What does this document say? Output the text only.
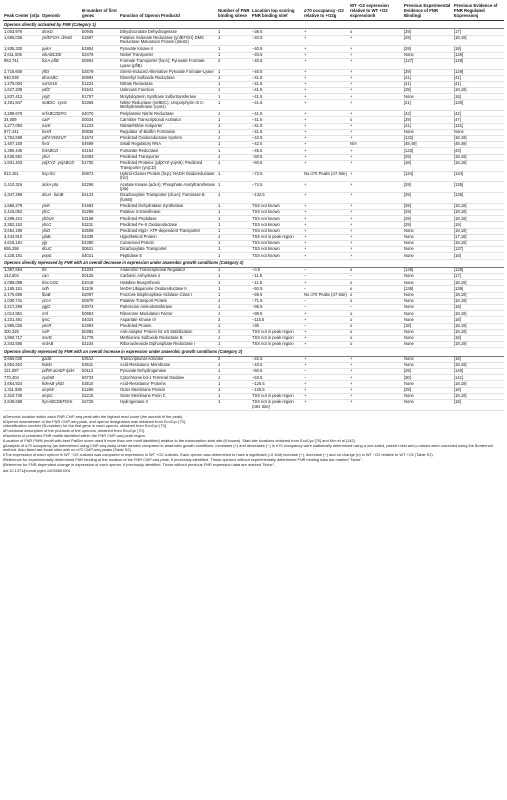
Peak Center (nt)a	Operonb	B-number of first genec	Function of Operon Productd	Number of FNR binding sitese	Location top scoring FNR binding sitef	σ70 occupancy -O2 relative to +O2g	WT -O2 expression relative to WT +O2 expressionh	Previous Experimental Evidence of FNR Bindingi	Previous Evidence of FNR Regulated Expressionj
Operons directly activated by FNR (Category 1)									
1,003,976	dmsD	b0945	Dihydroorotate Dehydrogenase	1	−38.5	+	o	[29]	[17]
1,656,036	ynfEFGH- dmsD	b1587	Putative Selenate Reductase (ynfEFGH) DMS Reductase Maturation Protein (dmsD)	1	−40.5	+	+	[29]	[18,19]
1,935,330	pykA	b1854	Pyruvate Kinase II	1	−40.5	+	+	[29]	[19]
3,611,605	nikABCDE	b3476	Nickel Transporter	1	−40.5	+	+	None	[126]
953,741	focA-pflB	b0904	Formate Transporter (focA); Pyruvate Formate-Lyase (pflB)	2	−40.5	+	+	[127]	[128]
2,716,605	yfiD	b2579	Stress-Induced Alternative Pyruvate Formate-Lyase	1	−40.5	+	+	[29]	[129]
940,035	dmsABC	b0894	Dimethyl Sulfoxide Reductase	1	−41.5	+	+	[41]	[41]
1,279,003	narGHJI	b1224	Nitrate Reductase	1	−41.5	+	+	[41]	[41]
1,627,208	ydfZ	b1541	Unknown Function	1	−41.5	+	+	[29]	[18,19]
1,837,412	ynjE	b1757	Molybdopterin Synthase Sulfurtransferase	1	−41.5	+	+	None	[18]
3,491,947	nirBDC- cysG	b3365	Nitrite Reductase (nirBDC); Uroporphyrin III C-Methyltransferase (cysG)	1	−41.5	+	+	[21]	[130]
4,289,679	nrfABCDEFG	b4070	Periplasmic Nitrite Reductase	1	−41.5	+	+	[42]	[42]
34,059	caiF	b0034	Carnitine Transcriptional Activator	1	−41.5	+	o	[29]	[47]
1,277,082	narK	b1223	Nitrate/Nitrite Antiporter	1	−41.5	+	+	[41]	[131]
877,441	bssR	b0836	Regulator of Biofilm Formation	1	−41.5	+	+	None	None
1,752,688	ydhYVWXUT	b1674	Predicted Oxidoreductase System	1	−42.5	+	+	[132]	[18,19]
1,407,150	fnrS	b4699	Small Regulatory RNA	1	−42.5	+	N/A	[48,49]	[48,49]
4,380,446	frdABCD	b4154	Fumarate Reductase	1	−45.5	+	+	[133]	[43]
3,635,591	yhiA	b3493	Predicted Transporter	1	−50.5	+	+	[29]	[18,19]
1,831,403	ydjXYZ- ynjABCD	b1750	Predicted Proteins (ydjXYZ-ynjAB); Predicted Transporter (ynjCD)	1	−60.5	+	+	[18]	[18,19]
913,151	hcp-hcr	b0873	Hybrid-Cluster Protein (hcp); NADH Oxidoreductase (hcr)	1	−72.5	No σ70 Peaks (σ7 Site)	+	[134]	[134]
2,410,316	ackA-pta	b2296	Acetate Kinase (ackA); Phosphate Acetyltransferase (pta)	1	−74.5	+	+	[29]	[135]
4,347,259	dcuA- fumB	b4123	Dicarboxylate Transporter (dcuA); Fumarase B (fumB)	1	−132.5	+	+	[29]	[136]
1,666,279	yniK	b1593	Predicted Dehydratase Synthetase	1	TSS not known	+	+	[29]	[18,19]
2,415,052	yfcC	b2298	Putative S-transferase	1	TSS not known	+	+	[29]	[18,19]
3,299,421	yhbUV	b3158	Predicted Peptidase	1	TSS not known	+	+	[29]	[18,19]
3,352,152	yhcC	b3211	Predicted Fe-S Oxidoreductase	1	TSS not known	+	+	[29]	[19]
3,654,199	yhiD	b3508	Predicted Mg2+ ATP-dependent Transporter	1	TSS not known	+	+	None	[18,19]
3,443,910	yjiML	b4335	Hypothetical Protein	1	TSS not in peak region	+	+	None	[17,18]
4,615,181	yjjI	b4380	Conserved Protein	1	TSS not known	+	+	None	[18,19]
655,298	dcuC	b0621	Dicarboxylate Transporter	1	TSS not known	+	+	None	[137]
4,228,181	pepE	b4021	Peptidase E	1	TSS not known	+	+	None	[18]
Operons directly repressed by FNR with an overall decrease in expression under anaerobic growth conditions (Category 2)									
1,397,654	fnr	b1334	Anaerobic Transcriptional Regulator	1	−0.5	−	o	[138]	[138]
142,604	can	b0126	Carbonic Anhydrase 2	1	−11.5	−	−	None	[17]
2,088,088	hisLGDC	b2018	Histidine Biosynthesis	1	−11.5	+	o	None	[18,19]
1,165,151	ndh	b1109	NADH:Ubiquinone Oxidoreductase II	1	−50.5	−	o	[139]	[139]
2,176,686	fbaB	b2097	Fructose Bisphosphate Aldolase Class I	1	−59.5	No σ70 Peaks (σ7 Site)	o	None	[18,19]
1,030,741	yccA	b0970	Putative Transport Protein	1	−71.5	−	o	None	[18,19]
3,217,259	ygjG	b3073	Putrescine Aminotransferase	1	−96.5	−	−	None	[18]
1,014,861	rmf	b0953	Ribosome Modulation Factor	1	−98.5	+	o	None	[18,19]
4,231,491	lysC	b4024	Aspartate Kinase III	2	−115.5	+	o	None	[18]
1,986,025	yecR	b1904	Predicted Protein	1	+30	−	o	[18]	[18,19]
400,328	iraP	b0382	Anti-Adaptor Protein for σS Stabilization	2	TSS not in peak region	+	o	None	[18,19]
1,860,717	msrB	b1778	Methionine Sulfoxide Reductase B	1	TSS not in peak region	+	o	None	[18]
2,342,585	nrdAB	b2234	Ribonucleoside Diphosphate Reductase I	1	TSS not in peak region	+	o	None	[18,19]
Operons directly repressed by FNR with an overall increase in expression under anaerobic growth conditions (Category 2)									
3,656,030	gadE	b3512	Transcriptional Activator	2	−22.5	+	+	None	[18]
3,654,924	hdeD	b3511	Acid-Resistance Membrane	1	−43.5	+	+	None	[18,19]
121,087	pdhR-aceEF-lpdA	b0113	Pyruvate Dehydrogenase	1	−50.5	−	+	[29]	[140]
770,404	cydAB	b0733	Cytochrome bd-1 Terminal Oxidase	1	−53.5	−	+	[30]	[141]
3,654,924	hdeAB-yhiD	b3510	Acid-Resistance Proteins	1	−126.5	+	+	None	[18,19]
1,311,935	ompW	b1256	Outer Membrane Protein	1	−126.5	+	+	[29]	[18]
2,310,730	ompC	b2215	Outer Membrane Porin C	1	TSS not in peak region	+	+	None	[18,19]
2,848,688	hycABCDEFGHI	b2725	Hydrogenase 3	1	TSS not in peak region (σ54 Site)	+	+	None	[18]

aGenomic location within each FNR ChIP-seq peak with the highest read count (the summit of the peak).

bOperon downstream of the FNR ChIP-seq peak, and operon designation was obtained from EcoCyc [70].

cIdentification number (B-number) for the first gene in each operon, obtained from EcoCyc [70].

dFunctional description of the products of the operons, obtained from EcoCyc [70].

eNumbers of predicted FNR motifs identified within the FNR ChIP-seq peak region.

fLocation of FNR PWM (motif with best PatSer score used if more than one motif identified) relative to the transcription start site (if known). Start site locations obtained from EcoCyc [70] and Kim et al [142].

gAnalysis of σ70 occupancy (as determined using ChIP-seq data) under aerobic compared to anaerobic growth conditions. Increases (+) and decreases (−) in σ70 occupancy were statistically determined using a one-sided, paired t-test and p-values were corrected using the Bonferroni method. Also listed are those sites with no σ70 ChIP-seq peaks (Table S2).

hThe expression of each operon in WT −O2 cultures was compared to expression in WT +O2 cultures. Each operon was determined to have a significant (>2-fold) increase (+), decrease (−) and no change (o) in WT −O2 relative to WT +O2 (Table S1).

iReference for experimentally determined FNR binding at the location of the FNR ChIP-seq peak, if previously identified. Those operons without experimentally determined FNR binding data are marked "None".

jReference for FNR-dependent change in expression of each operon, if previously identified. Those without previous FNR expression data are marked "None".

doi:10.1371/journal.pgen.1003565.t001
